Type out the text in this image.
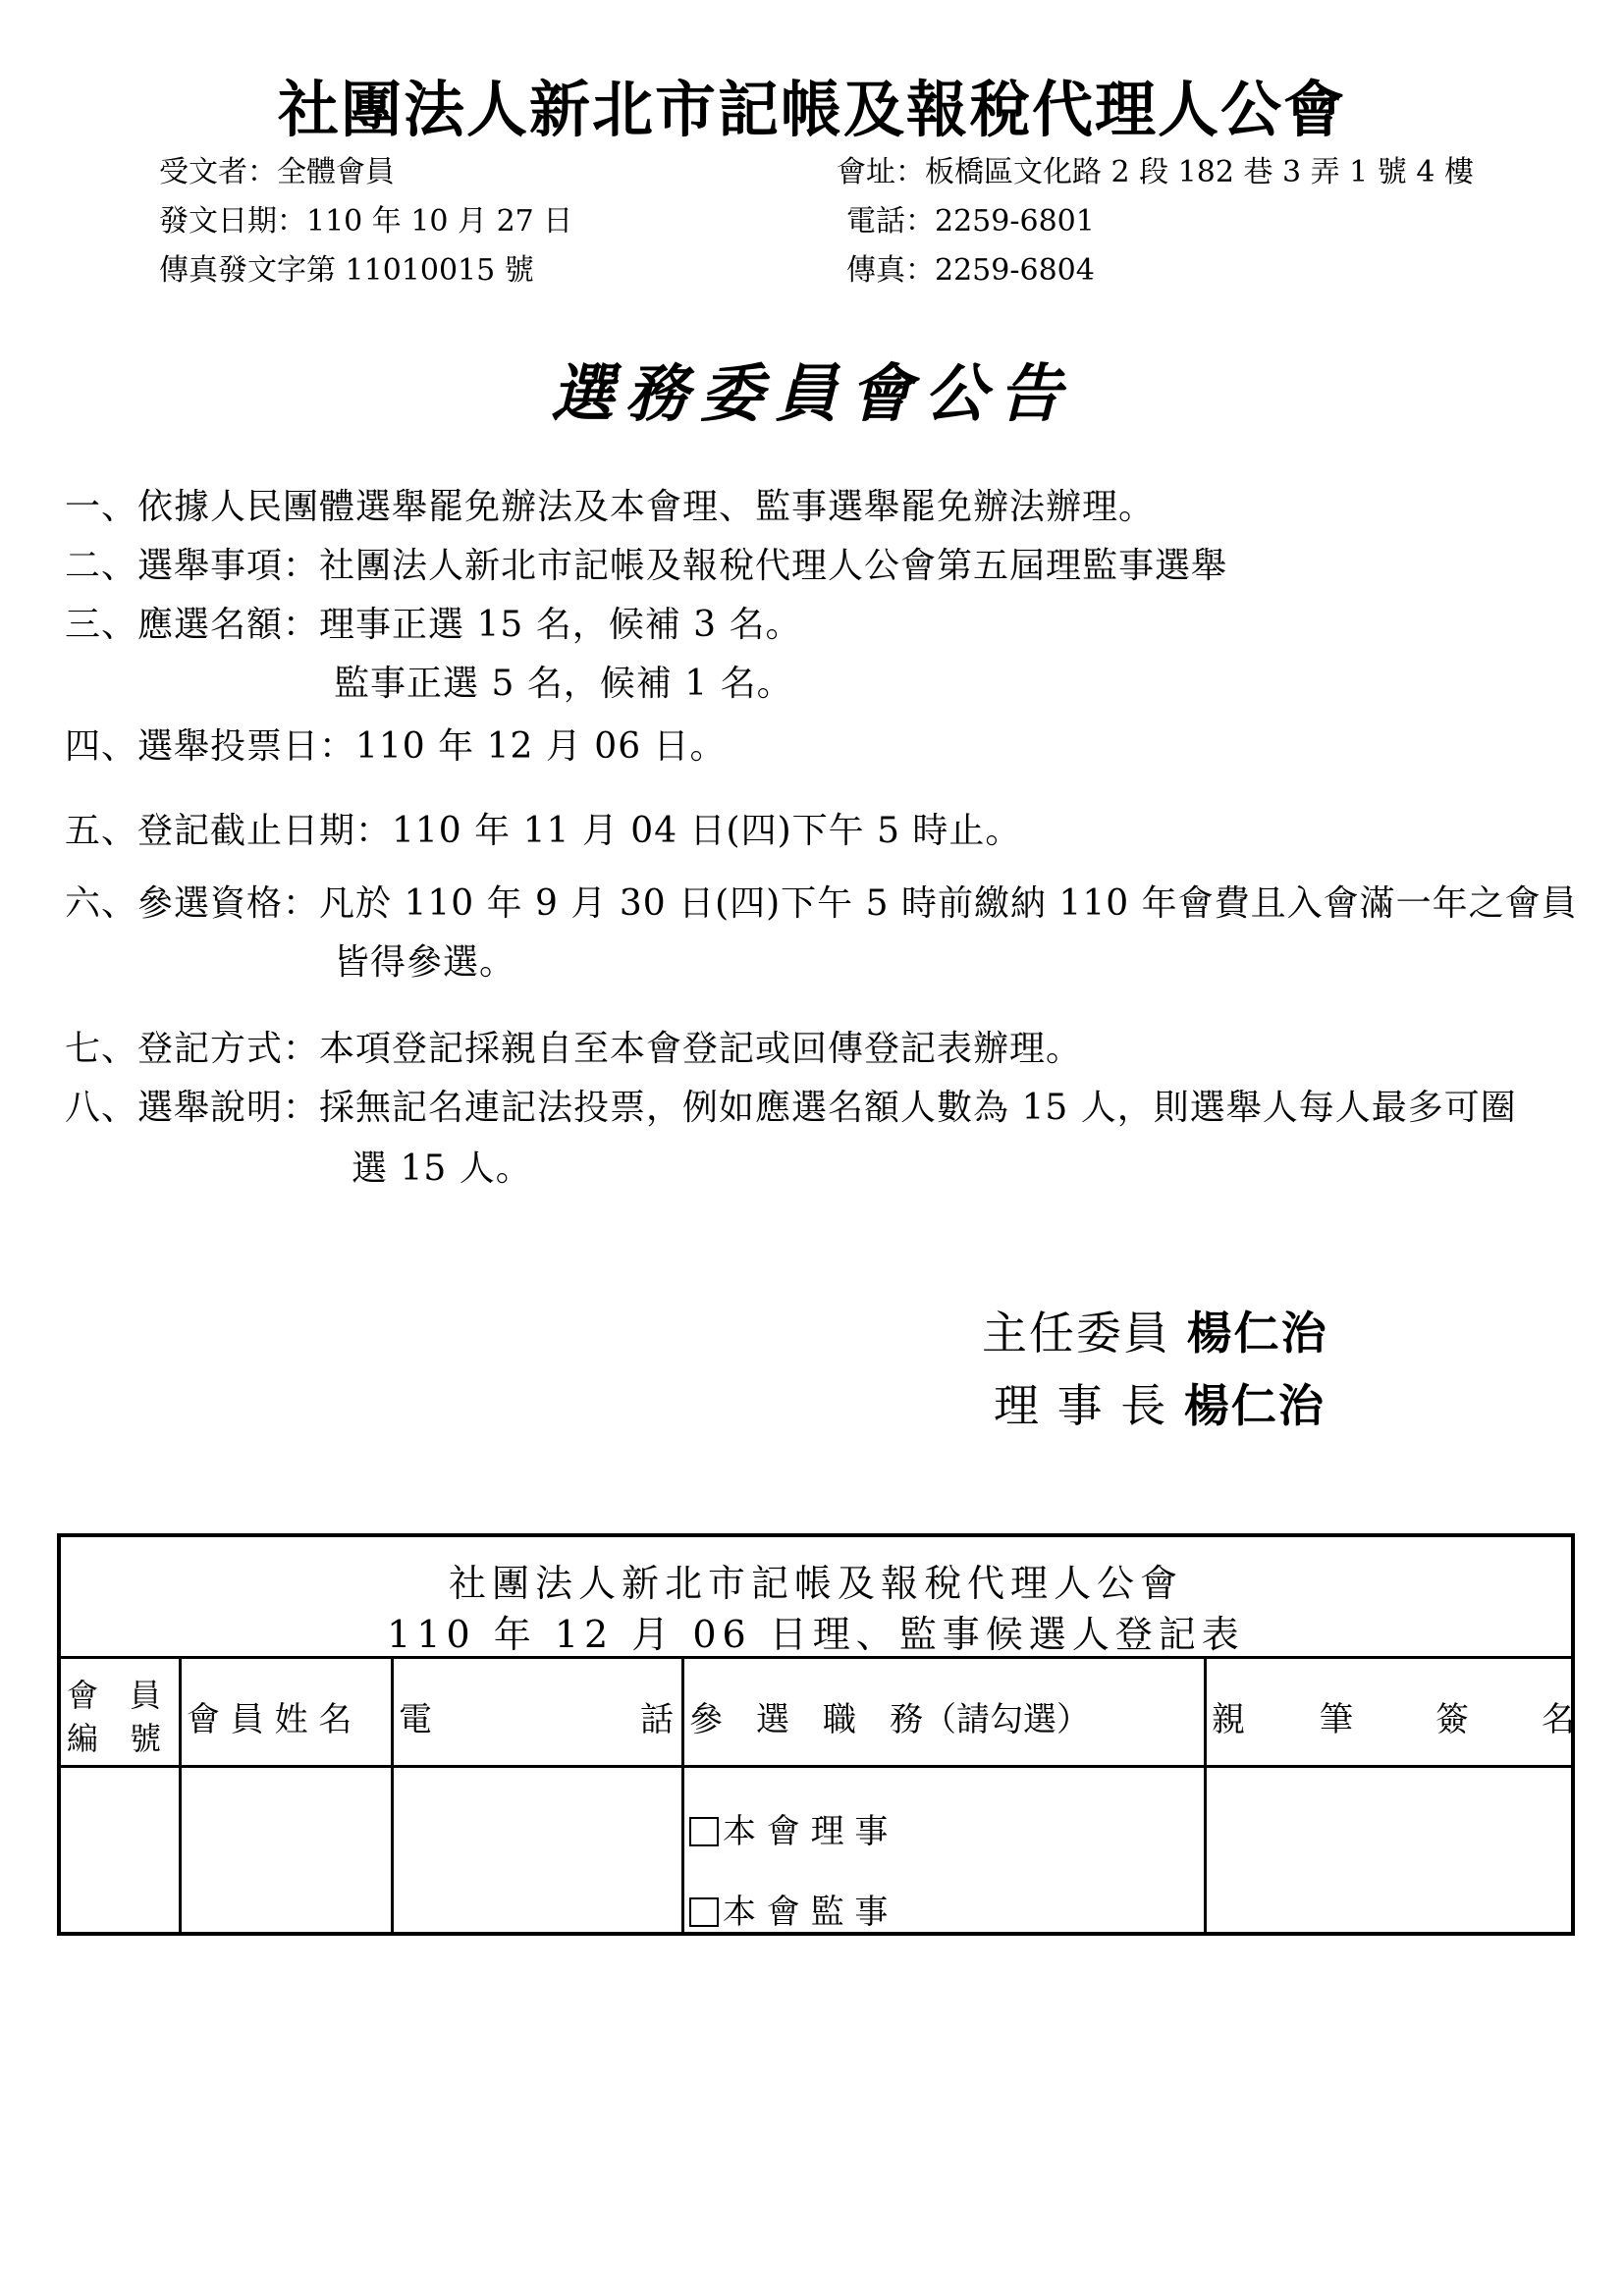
社團法人新北市記帳及報稅代理人公會
受文者：全體會員
發文日期：110 年 10 月 27 日
傳真發文字第 11010015 號
會址：板橋區文化路 2 段 182 巷 3 弄 1 號 4 樓
電話：2259-6801
傳真：2259-6804
選務委員會公告
一、依據人民團體選舉罷免辦法及本會理、監事選舉罷免辦法辦理。
二、選舉事項：社團法人新北市記帳及報稅代理人公會第五屆理監事選舉
三、應選名額：理事正選 15 名，候補 3 名。
監事正選 5 名，候補 1 名。
四、選舉投票日：110 年 12 月 06 日。
五、登記截止日期：110 年 11 月 04 日(四)下午 5 時止。
六、參選資格：凡於 110 年 9 月 30 日(四)下午 5 時前繳納 110 年會費且入會滿一年之會員
皆得參選。
七、登記方式：本項登記採親自至本會登記或回傳登記表辦理。
八、選舉說明：採無記名連記法投票，例如應選名額人數為 15 人，則選舉人每人最多可圈
選 15 人。
主任委員 楊仁治
理 事 長 楊仁治
社團法人新北市記帳及報稅代理人公會
110 年 12 月 06 日理、監事候選人登記表
會　員
編　號 會 員 姓 名 電	話 參　選　職　務（請勾選）	親 筆 簽 名
本 會 理 事
本 會 監 事
